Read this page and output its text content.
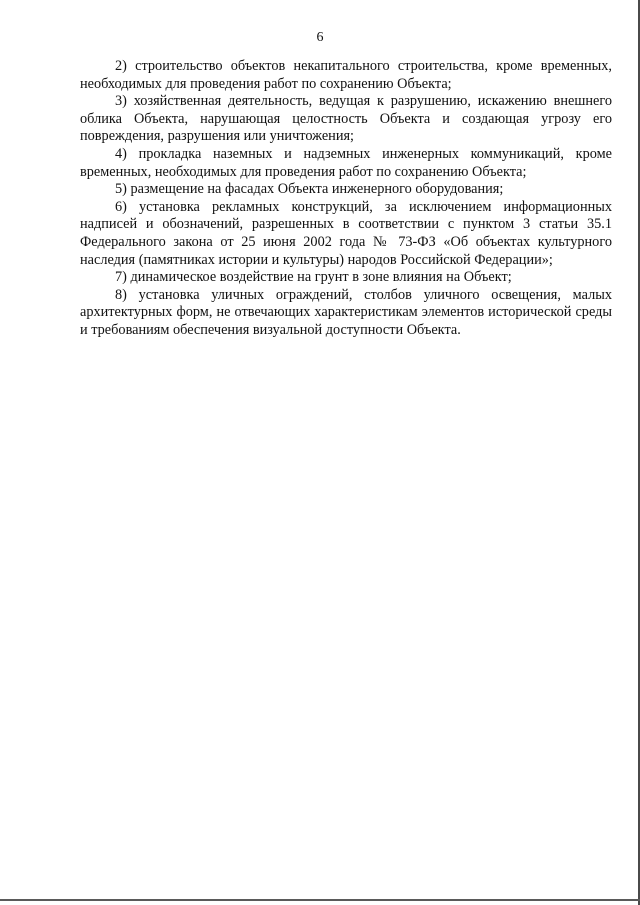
6

2) строительство объектов некапитального строительства, кроме временных, необходимых для проведения работ по сохранению Объекта;

3) хозяйственная деятельность, ведущая к разрушению, искажению внешнего облика Объекта, нарушающая целостность Объекта и создающая угрозу его повреждения, разрушения или уничтожения;

4) прокладка наземных и надземных инженерных коммуникаций, кроме временных, необходимых для проведения работ по сохранению Объекта;

5) размещение на фасадах Объекта инженерного оборудования;

6) установка рекламных конструкций, за исключением информационных надписей и обозначений, разрешенных в соответствии с пунктом 3 статьи 35.1 Федерального закона от 25 июня 2002 года № 73-ФЗ «Об объектах культурного наследия (памятниках истории и культуры) народов Российской Федерации»;

7) динамическое воздействие на грунт в зоне влияния на Объект;

8) установка уличных ограждений, столбов уличного освещения, малых архитектурных форм, не отвечающих характеристикам элементов исторической среды и требованиям обеспечения визуальной доступности Объекта.
